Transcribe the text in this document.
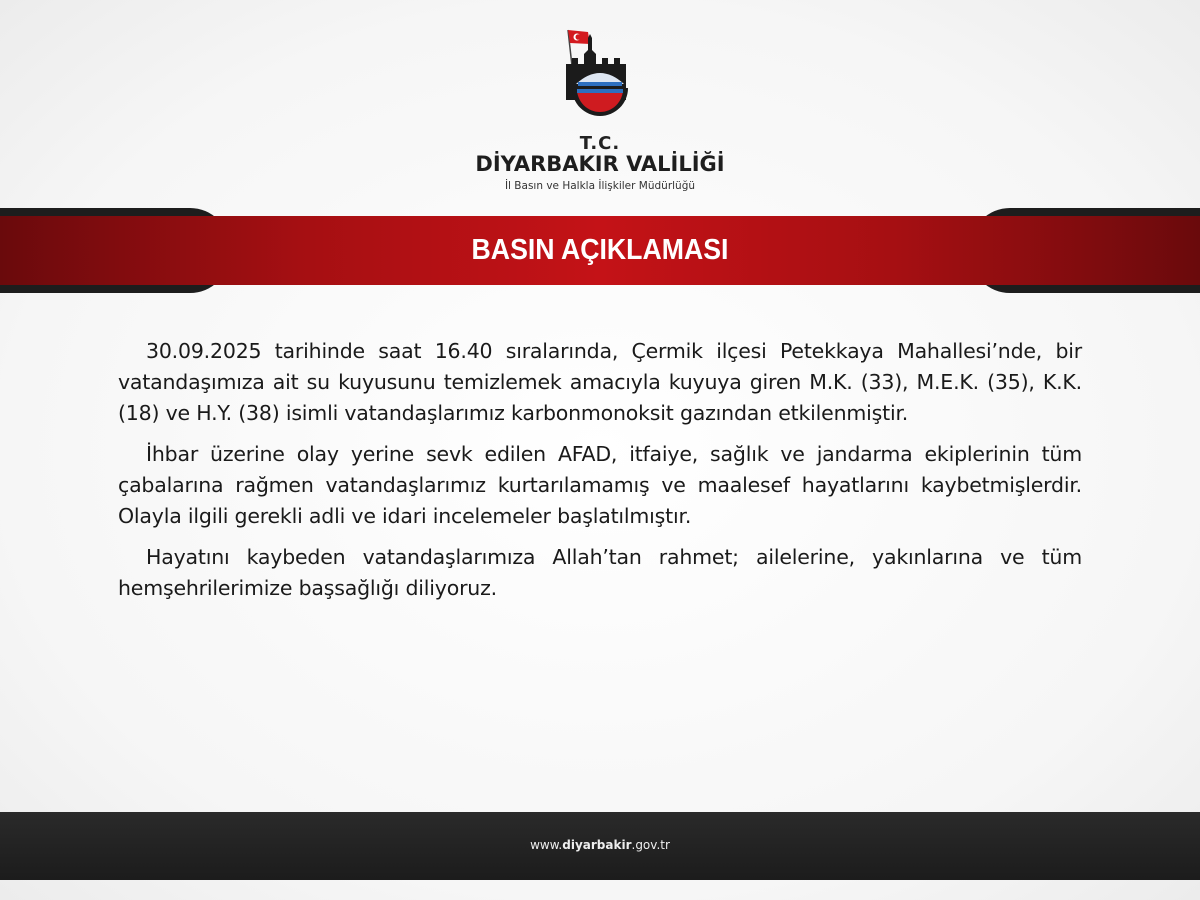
T.C.
DİYARBAKIR VALİLİĞİ
İl Basın ve Halkla İlişkiler Müdürlüğü
BASIN AÇIKLAMASI

30.09.2025 tarihinde saat 16.40 sıralarında, Çermik ilçesi Petekkaya Mahallesi’nde, bir vatandaşımıza ait su kuyusunu temizlemek amacıyla kuyuya giren M.K. (33), M.E.K. (35), K.K. (18) ve H.Y. (38) isimli vatandaşlarımız karbonmonoksit gazından etkilenmiştir.

İhbar üzerine olay yerine sevk edilen AFAD, itfaiye, sağlık ve jandarma ekiplerinin tüm çabalarına rağmen vatandaşlarımız kurtarılamamış ve maalesef hayatlarını kaybetmişlerdir. Olayla ilgili gerekli adli ve idari incelemeler başlatılmıştır.

Hayatını kaybeden vatandaşlarımıza Allah’tan rahmet; ailelerine, yakınlarına ve tüm hemşehrilerimize başsağlığı diliyoruz.

www.diyarbakir.gov.tr
